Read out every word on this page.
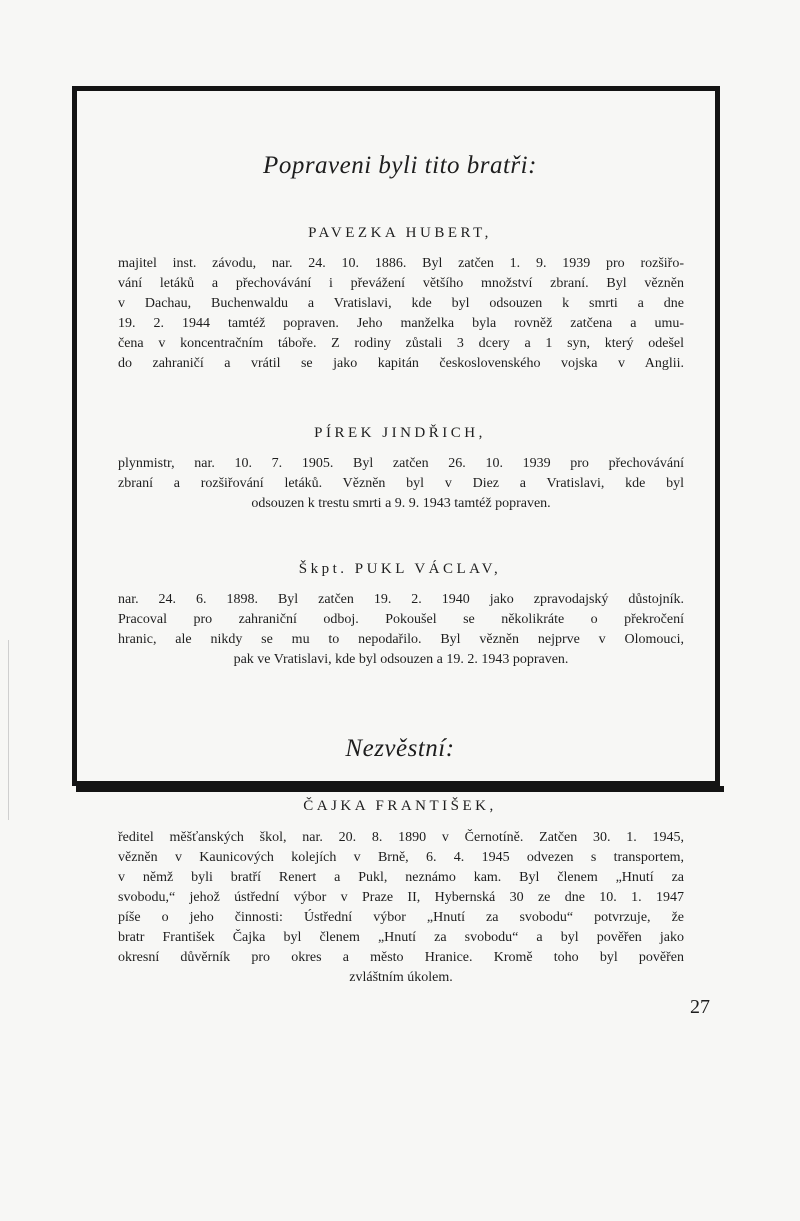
Popraveni byli tito bratři:
PAVEZKA HUBERT,
majitel inst. závodu, nar. 24. 10. 1886. Byl zatčen 1. 9. 1939 pro rozšiřo-
vání letáků a přechovávání i převážení většího množství zbraní. Byl vězněn
v Dachau, Buchenwaldu a Vratislavi, kde byl odsouzen k smrti a dne
19. 2. 1944 tamtéž popraven. Jeho manželka byla rovněž zatčena a umu-
čena v koncentračním táboře. Z rodiny zůstali 3 dcery a 1 syn, který odešel
do zahraničí a vrátil se jako kapitán československého vojska v Anglii.
PÍREK JINDŘICH,
plynmistr, nar. 10. 7. 1905. Byl zatčen 26. 10. 1939 pro přechovávání
zbraní a rozšiřování letáků. Vězněn byl v Diez a Vratislavi, kde byl
odsouzen k trestu smrti a 9. 9. 1943 tamtéž popraven.
Škpt. PUKL VÁCLAV,
nar. 24. 6. 1898. Byl zatčen 19. 2. 1940 jako zpravodajský důstojník.
Pracoval pro zahraniční odboj. Pokoušel se několikráte o překročení
hranic, ale nikdy se mu to nepodařilo. Byl vězněn nejprve v Olomouci,
pak ve Vratislavi, kde byl odsouzen a 19. 2. 1943 popraven.
Nezvěstní:
ČAJKA FRANTIŠEK,
ředitel měšťanských škol, nar. 20. 8. 1890 v Černotíně. Zatčen 30. 1. 1945,
vězněn v Kaunicových kolejích v Brně, 6. 4. 1945 odvezen s transportem,
v němž byli bratří Renert a Pukl, neznámo kam. Byl členem „Hnutí za
svobodu,“ jehož ústřední výbor v Praze II, Hybernská 30 ze dne 10. 1. 1947
píše o jeho činnosti: Ústřední výbor „Hnutí za svobodu“ potvrzuje, že
bratr František Čajka byl členem „Hnutí za svobodu“ a byl pověřen jako
okresní důvěrník pro okres a město Hranice. Kromě toho byl pověřen
zvláštním úkolem.
27
